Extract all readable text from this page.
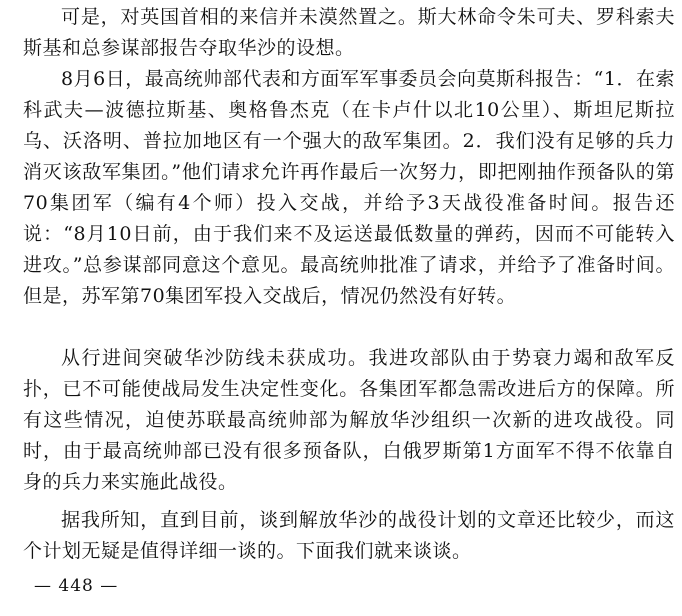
可是，对英国首相的来信并未漠然置之。斯大林命令朱可夫、罗科索夫斯基和总参谋部报告夺取华沙的设想。

8月6日，最高统帅部代表和方面军军事委员会向莫斯科报告：“1．在索科武夫—波德拉斯基、奥格鲁杰克（在卡卢什以北10公里）、斯坦尼斯拉乌、沃洛明、普拉加地区有一个强大的敌军集团。2．我们没有足够的兵力消灭该敌军集团。”他们请求允许再作最后一次努力，即把刚抽作预备队的第70集团军（编有4个师）投入交战，并给予3天战役准备时间。报告还说：“8月10日前，由于我们来不及运送最低数量的弹药，因而不可能转入进攻。”总参谋部同意这个意见。最高统帅批准了请求，并给予了准备时间。但是，苏军第70集团军投入交战后，情况仍然没有好转。

从行进间突破华沙防线未获成功。我进攻部队由于势衰力竭和敌军反扑，已不可能使战局发生决定性变化。各集团军都急需改进后方的保障。所有这些情况，迫使苏联最高统帅部为解放华沙组织一次新的进攻战役。同时，由于最高统帅部已没有很多预备队，白俄罗斯第1方面军不得不依靠自身的兵力来实施此战役。

据我所知，直到目前，谈到解放华沙的战役计划的文章还比较少，而这个计划无疑是值得详细一谈的。下面我们就来谈谈。

— 448 —
